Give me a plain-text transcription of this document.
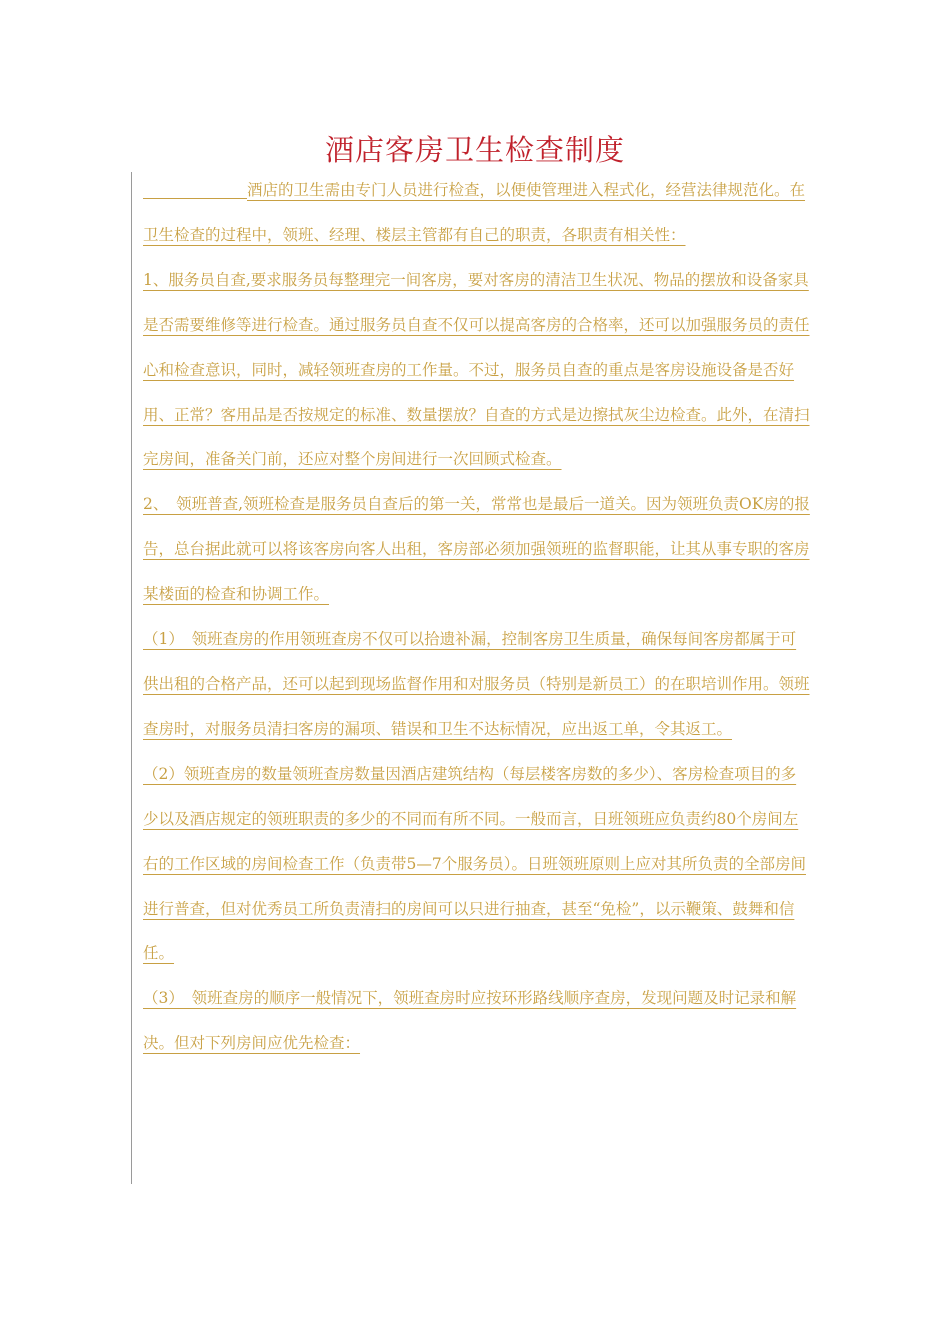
酒店客房卫生检查制度

酒店的卫生需由专门人员进行检查，以便使管理进入程式化，经营法律规范化。在卫生检查的过程中，领班、经理、楼层主管都有自己的职责，各职责有相关性：

1、服务员自查,要求服务员每整理完一间客房，要对客房的清洁卫生状况、物品的摆放和设备家具是否需要维修等进行检查。通过服务员自查不仅可以提高客房的合格率，还可以加强服务员的责任心和检查意识，同时，减轻领班查房的工作量。不过，服务员自查的重点是客房设施设备是否好用、正常？客用品是否按规定的标准、数量摆放？自查的方式是边擦拭灰尘边检查。此外，在清扫完房间，准备关门前，还应对整个房间进行一次回顾式检查。

2、　领班普查,领班检查是服务员自查后的第一关，常常也是最后一道关。因为领班负责OK房的报告，总台据此就可以将该客房向客人出租，客房部必须加强领班的监督职能，让其从事专职的客房某楼面的检查和协调工作。

（1）　领班查房的作用领班查房不仅可以拾遗补漏，控制客房卫生质量，确保每间客房都属于可供出租的合格产品，还可以起到现场监督作用和对服务员（特别是新员工）的在职培训作用。领班查房时，对服务员清扫客房的漏项、错误和卫生不达标情况，应出返工单，令其返工。

（2）领班查房的数量领班查房数量因酒店建筑结构（每层楼客房数的多少）、客房检查项目的多少以及酒店规定的领班职责的多少的不同而有所不同。一般而言，日班领班应负责约80个房间左右的工作区域的房间检查工作（负责带5—7个服务员）。日班领班原则上应对其所负责的全部房间进行普查，但对优秀员工所负责清扫的房间可以只进行抽查，甚至“免检”，以示鞭策、鼓舞和信任。

（3）　领班查房的顺序一般情况下，领班查房时应按环形路线顺序查房，发现问题及时记录和解决。但对下列房间应优先检查：
